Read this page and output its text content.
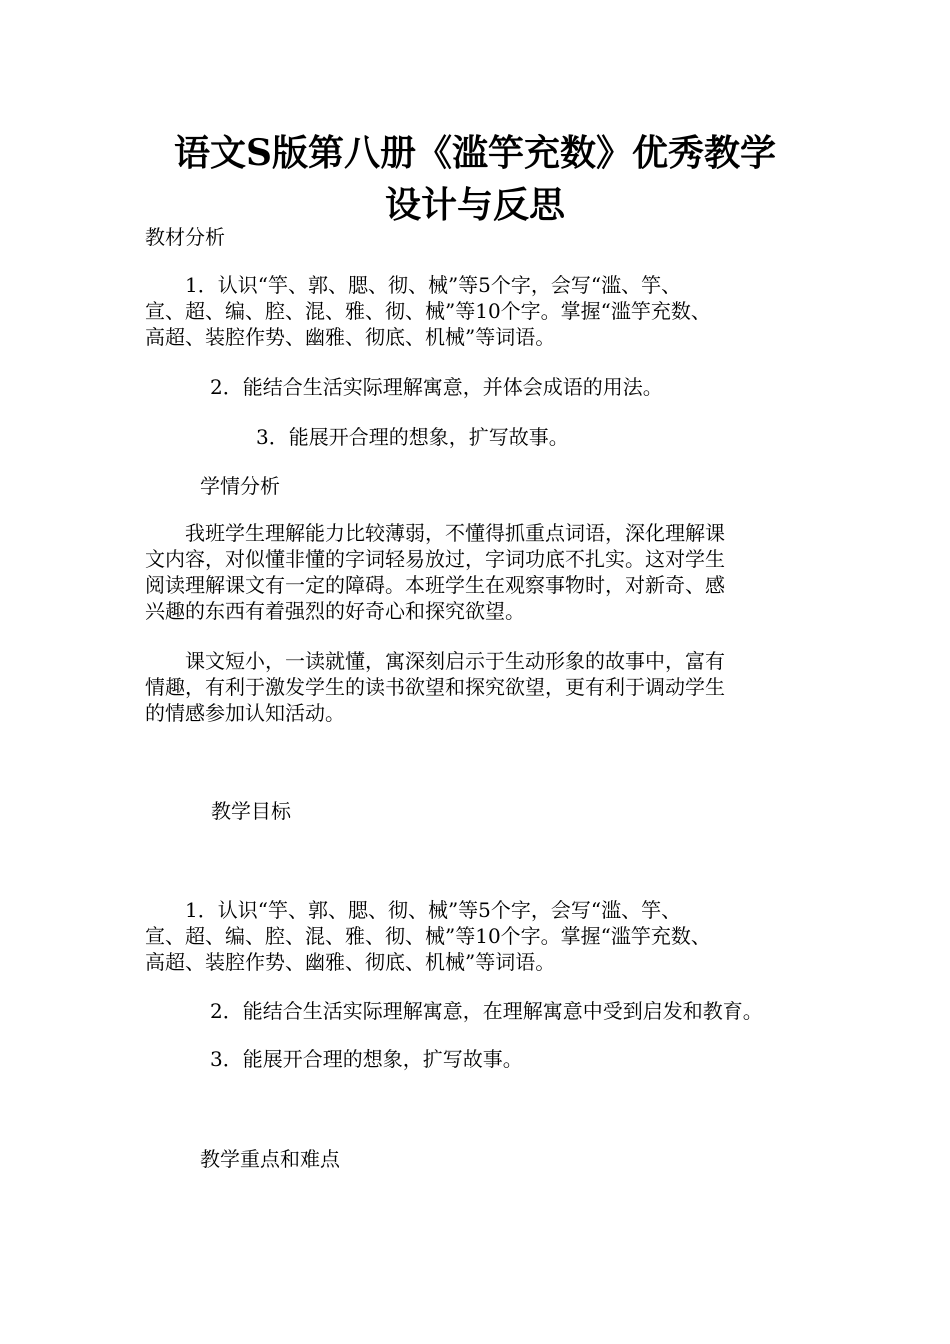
语文S版第八册《滥竽充数》优秀教学
设计与反思

教材分析

　　1．认识“竽、郭、腮、彻、械”等5个字，会写“滥、竽、
宣、超、编、腔、混、雅、彻、械”等10个字。掌握“滥竽充数、
高超、装腔作势、幽雅、彻底、机械”等词语。

2．能结合生活实际理解寓意，并体会成语的用法。

3．能展开合理的想象，扩写故事。

学情分析

　　我班学生理解能力比较薄弱，不懂得抓重点词语，深化理解课
文内容，对似懂非懂的字词轻易放过，字词功底不扎实。这对学生
阅读理解课文有一定的障碍。本班学生在观察事物时，对新奇、感
兴趣的东西有着强烈的好奇心和探究欲望。
　　课文短小，一读就懂，寓深刻启示于生动形象的故事中，富有
情趣，有利于激发学生的读书欲望和探究欲望，更有利于调动学生
的情感参加认知活动。

教学目标

　　1．认识“竽、郭、腮、彻、械”等5个字，会写“滥、竽、
宣、超、编、腔、混、雅、彻、械”等10个字。掌握“滥竽充数、
高超、装腔作势、幽雅、彻底、机械”等词语。

2．能结合生活实际理解寓意，在理解寓意中受到启发和教育。

3．能展开合理的想象，扩写故事。

教学重点和难点
